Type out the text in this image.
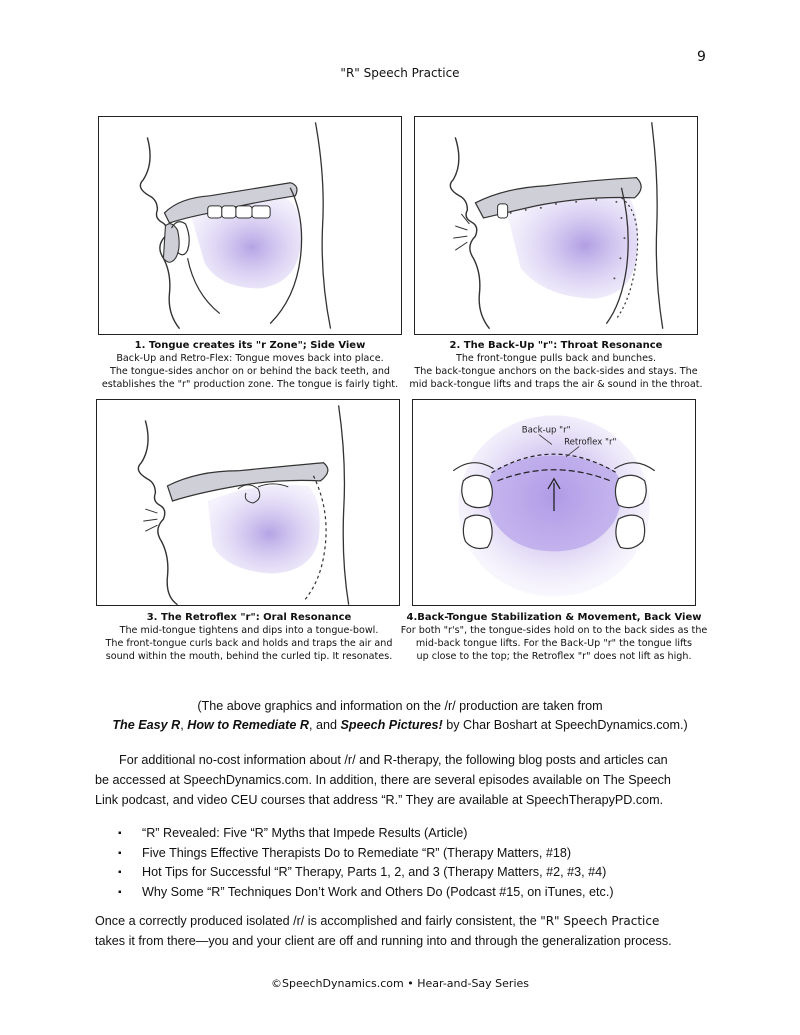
9
"R" Speech Practice
1. Tongue creates its "r Zone"; Side View
Back-Up and Retro-Flex: Tongue moves back into place.
The tongue-sides anchor on or behind the back teeth, and
establishes the "r" production zone. The tongue is fairly tight.
2. The Back-Up "r": Throat Resonance
The front-tongue pulls back and bunches.
The back-tongue anchors on the back-sides and stays. The
mid back-tongue lifts and traps the air & sound in the throat.
3. The Retroflex "r": Oral Resonance
The mid-tongue tightens and dips into a tongue-bowl.
The front-tongue curls back and holds and traps the air and
sound within the mouth, behind the curled tip. It resonates.
Back-up "r"
Retroflex "r"
4.Back-Tongue Stabilization & Movement, Back View
For both "r's", the tongue-sides hold on to the back sides as the
mid-back tongue lifts. For the Back-Up "r" the tongue lifts
up close to the top; the Retroflex "r" does not lift as high.
(The above graphics and information on the /r/ production are taken from
The Easy R, How to Remediate R, and Speech Pictures! by Char Boshart at SpeechDynamics.com.)
For additional no-cost information about /r/ and R-therapy, the following blog posts and articles can
be accessed at SpeechDynamics.com. In addition, there are several episodes available on The Speech
Link podcast, and video CEU courses that address “R.” They are available at SpeechTherapyPD.com.
▪ “R” Revealed: Five “R” Myths that Impede Results (Article)
▪ Five Things Effective Therapists Do to Remediate “R” (Therapy Matters, #18)
▪ Hot Tips for Successful “R” Therapy, Parts 1, 2, and 3 (Therapy Matters, #2, #3, #4)
▪ Why Some “R” Techniques Don’t Work and Others Do (Podcast #15, on iTunes, etc.)
Once a correctly produced isolated /r/ is accomplished and fairly consistent, the "R" Speech Practice
takes it from there—you and your client are off and running into and through the generalization process.
©SpeechDynamics.com • Hear-and-Say Series
